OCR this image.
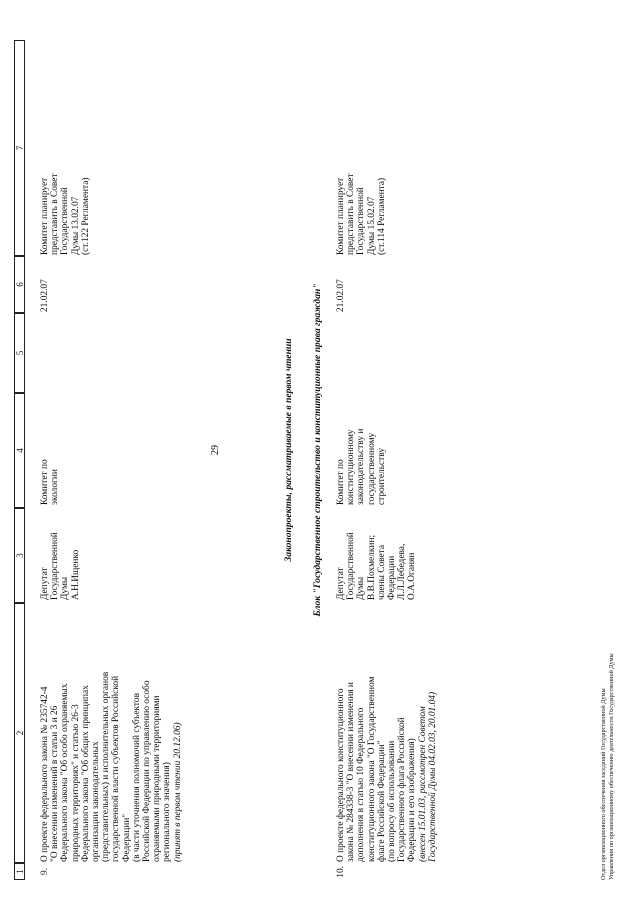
1
2
3
4
5
6
7
29
9.
О проекте федерального закона № 235742-4 "О внесении изменений в статьи 3 и 26 Федерального закона "Об особо охраняемых природных территориях" и статью 26-3 Федерального закона "Об общих принципах организации законодательных (представительных) и исполнительных органов государственной власти субъектов Российской Федерации" (в части уточнения полномочий субъектов Российской Федерации по управлению особо охраняемыми природными территориями регионального значения) (принят в первом чтении 20.12.06)
Депутат Государственной Думы А.Н.Ищенко
Комитет по экологии
21.02.07
Комитет планирует представить в Совет Государственной Думы 13.02.07 (ст.122 Регламента)
Законопроекты, рассматриваемые в первом чтении Блок "Государственное строительство и конституционные права граждан"
10.
О проекте федерального конституционного закона № 284338-3 "О внесении изменения и дополнения в статью 10 Федерального конституционного закона "О Государственном флаге Российской Федерации" (по вопросу об использовании Государственного флага Российской Федерации и его изображения) (внесен 15.01.03, рассмотрен Советом Государственной Думы 04.02.03, 20.01.04)
Депутат Государственной Думы В.В.Похмелкин; члены Совета Федерации Л.Л.Лебедева, О.А.Оганян
Комитет по конституционному законодательству и государственному строительству
21.02.07
Комитет планирует представить в Совет Государственной Думы 15.02.07 (ст.114 Регламента)
Отдел организационного обеспечения заседаний Государственной Думы Управления по организационному обеспечению деятельности Государственной Думы
